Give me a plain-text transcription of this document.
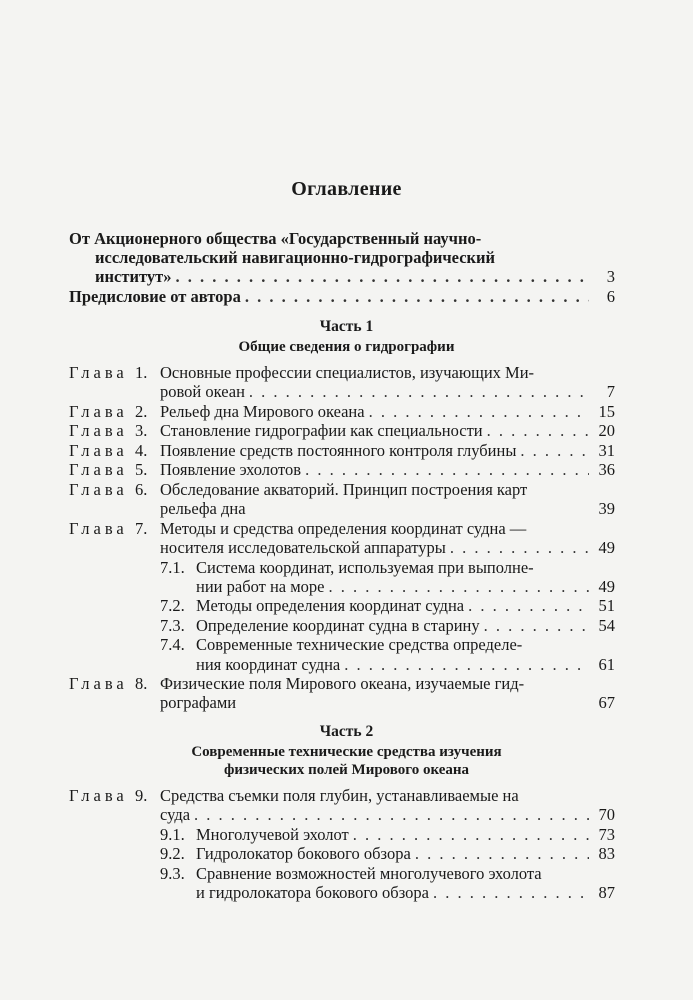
Оглавление
От Акционерного общества «Государственный научно-
исследовательский навигационно-гидрографический
институт» . . .	3
Предисловие от автора . . .	6
Часть 1
Общие сведения о гидрографии
Глава 1. Основные профессии специалистов, изучающих Ми-
ровой океан . . .	7
Глава 2. Рельеф дна Мирового океана . . .	15
Глава 3. Становление гидрографии как специальности . . .	20
Глава 4. Появление средств постоянного контроля глубины . . .	31
Глава 5. Появление эхолотов . . .	36
Глава 6. Обследование акваторий. Принцип построения карт
рельефа дна	39
Глава 7. Методы и средства определения координат судна —
носителя исследовательской аппаратуры . . .	49
7.1. Система координат, используемая при выполне-
нии работ на море . . .	49
7.2. Методы определения координат судна . . .	51
7.3. Определение координат судна в старину . . .	54
7.4. Современные технические средства определе-
ния координат судна . . .	61
Глава 8. Физические поля Мирового океана, изучаемые гид-
рографами	67
Часть 2
Современные технические средства изучения
физических полей Мирового океана
Глава 9. Средства съемки поля глубин, устанавливаемые на
суда . . .	70
9.1. Многолучевой эхолот . . .	73
9.2. Гидролокатор бокового обзора . . .	83
9.3. Сравнение возможностей многолучевого эхолота
и гидролокатора бокового обзора . . .	87
